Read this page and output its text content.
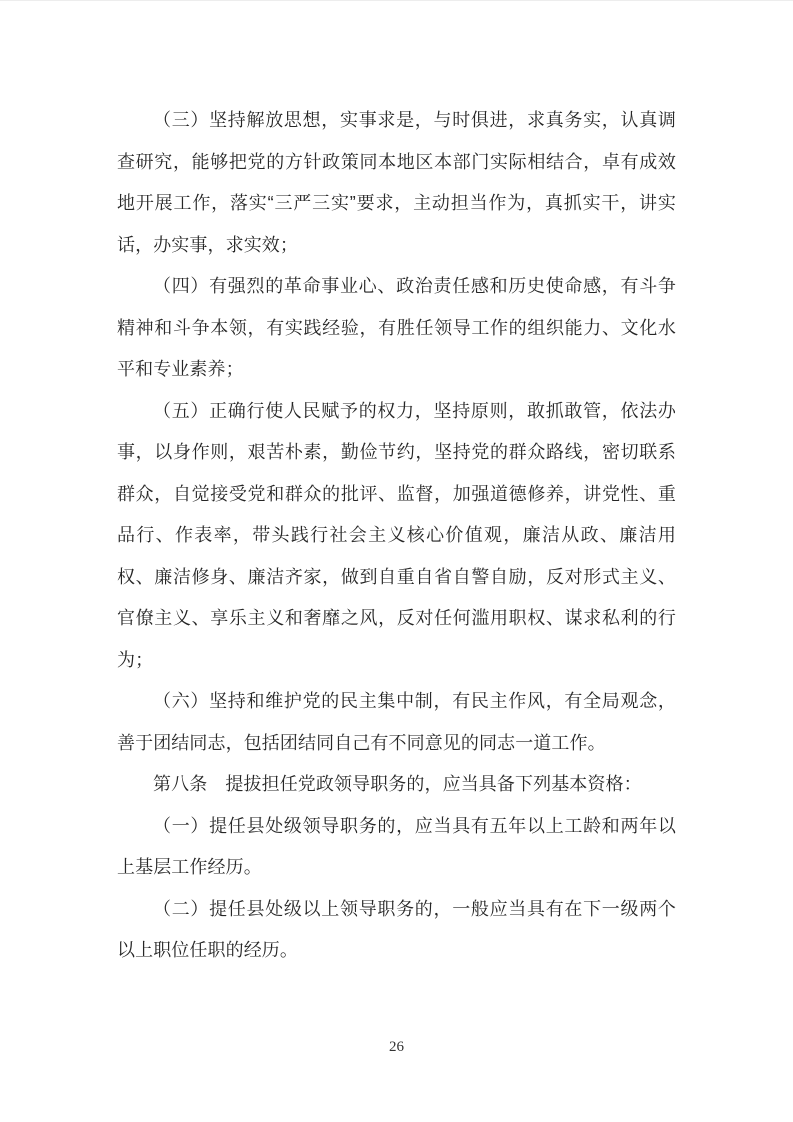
（三）坚持解放思想，实事求是，与时俱进，求真务实，认真调查研究，能够把党的方针政策同本地区本部门实际相结合，卓有成效地开展工作，落实“三严三实”要求，主动担当作为，真抓实干，讲实话，办实事，求实效；

（四）有强烈的革命事业心、政治责任感和历史使命感，有斗争精神和斗争本领，有实践经验，有胜任领导工作的组织能力、文化水平和专业素养；

（五）正确行使人民赋予的权力，坚持原则，敢抓敢管，依法办事，以身作则，艰苦朴素，勤俭节约，坚持党的群众路线，密切联系群众，自觉接受党和群众的批评、监督，加强道德修养，讲党性、重品行、作表率，带头践行社会主义核心价值观，廉洁从政、廉洁用权、廉洁修身、廉洁齐家，做到自重自省自警自励，反对形式主义、官僚主义、享乐主义和奢靡之风，反对任何滥用职权、谋求私利的行为；

（六）坚持和维护党的民主集中制，有民主作风，有全局观念，善于团结同志，包括团结同自己有不同意见的同志一道工作。

第八条　提拔担任党政领导职务的，应当具备下列基本资格：

（一）提任县处级领导职务的，应当具有五年以上工龄和两年以上基层工作经历。

（二）提任县处级以上领导职务的，一般应当具有在下一级两个以上职位任职的经历。

26
